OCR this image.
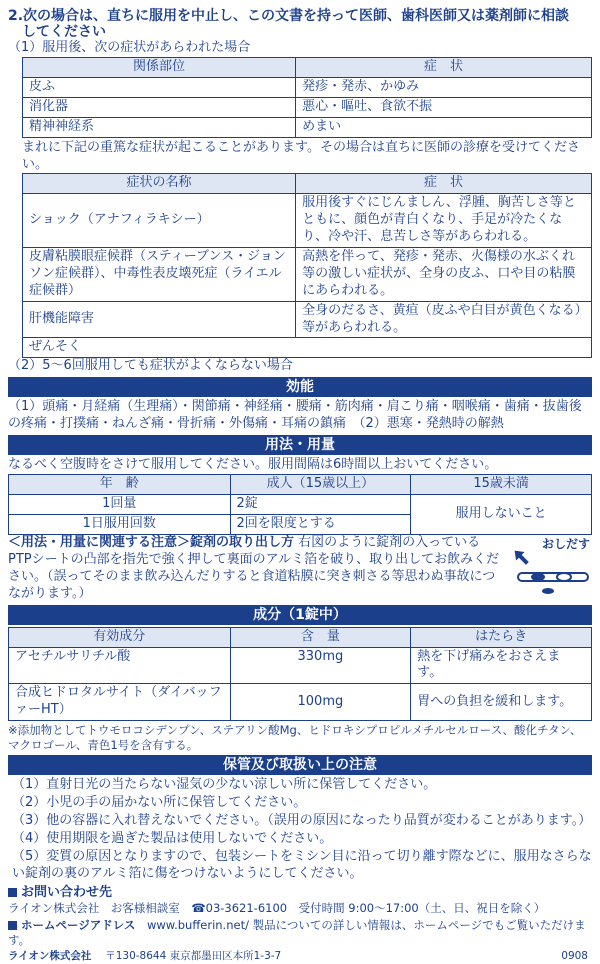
2.次の場合は、直ちに服用を中止し、この文書を持って医師、歯科医師又は薬剤師に相談

してください

（1）服用後、次の症状があらわれた場合

関係部位	症　状
皮ふ	発疹・発赤、かゆみ
消化器	悪心・嘔吐、食欲不振
精神神経系	めまい

まれに下記の重篤な症状が起こることがあります。その場合は直ちに医師の診療を受けてください。

症状の名称	症　状
ショック（アナフィラキシー）	服用後すぐにじんましん、浮腫、胸苦しさ等とともに、顔色が青白くなり、手足が冷たくなり、冷や汗、息苦しさ等があらわれる。
皮膚粘膜眼症候群（スティーブンス・ジョンソン症候群）、中毒性表皮壊死症（ライエル症候群）	高熱を伴って、発疹・発赤、火傷様の水ぶくれ等の激しい症状が、全身の皮ふ、口や目の粘膜にあらわれる。
肝機能障害	全身のだるさ、黄疸（皮ふや白目が黄色くなる）等があらわれる。
ぜんそく	

（2）5〜6回服用しても症状がよくならない場合

効能

（1）頭痛・月経痛（生理痛）・関節痛・神経痛・腰痛・筋肉痛・肩こり痛・咽喉痛・歯痛・抜歯後の疼痛・打撲痛・ねんざ痛・骨折痛・外傷痛・耳痛の鎮痛　（2）悪寒・発熱時の解熱

用法・用量

なるべく空腹時をさけて服用してください。服用間隔は6時間以上おいてください。

年　齢	成人（15歳以上）	15歳未満
1回量	2錠	服用しないこと
1日服用回数	2回を限度とする	

＜用法・用量に関連する注意＞錠剤の取り出し方 右図のように錠剤の入っているPTPシートの凸部を指先で強く押して裏面のアルミ箔を破り、取り出してお飲みください。（誤ってそのまま飲み込んだりすると食道粘膜に突き刺さる等思わぬ事故につながります。）

おしだす
成分（1錠中）
有効成分	含　量	はたらき
アセチルサリチル酸	330mg	熱を下げ痛みをおさえます。
合成ヒドロタルサイト（ダイバッファーHT）	100mg	胃への負担を緩和します。

※添加物としてトウモロコシデンプン、ステアリン酸Mg、ヒドロキシプロピルメチルセルロース、酸化チタン、マクロゴール、青色1号を含有する。

保管及び取扱い上の注意
（1）直射日光の当たらない湿気の少ない涼しい所に保管してください。
（2）小児の手の届かない所に保管してください。
（3）他の容器に入れ替えないでください。（誤用の原因になったり品質が変わることがあります。）
（4）使用期限を過ぎた製品は使用しないでください。
（5）変質の原因となりますので、包装シートをミシン目に沿って切り離す際などに、服用なさらない錠剤の裏のアルミ箔に傷をつけないようにしてください。

お問い合わせ先

ライオン株式会社　お客様相談室　☎03-3621-6100　受付時間 9:00〜17:00（土、日、祝日を除く）

ホームページアドレス　 www.bufferin.net/ 製品についての詳しい情報は、ホームページでもご覧いただけます。

ライオン株式会社　 〒130-8644 東京都墨田区本所1-3-7	0908
